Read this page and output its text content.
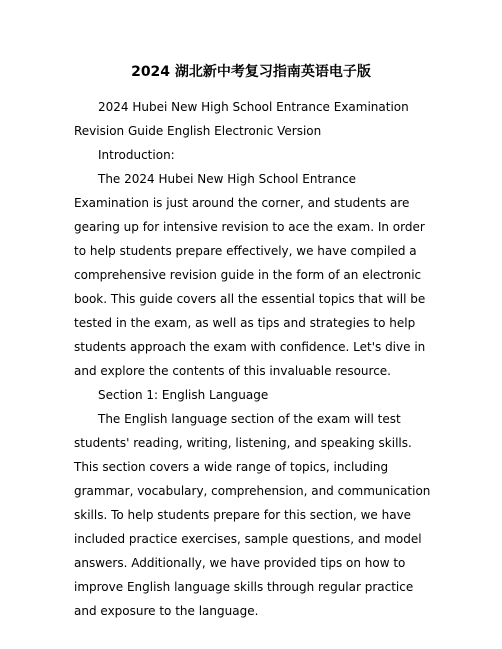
2024 湖北新中考复习指南英语电子版

2024 Hubei New High School Entrance Examination Revision Guide English Electronic Version

Introduction:

The 2024 Hubei New High School Entrance Examination is just around the corner, and students are gearing up for intensive revision to ace the exam. In order to help students prepare effectively, we have compiled a comprehensive revision guide in the form of an electronic book. This guide covers all the essential topics that will be tested in the exam, as well as tips and strategies to help students approach the exam with confidence. Let's dive in and explore the contents of this invaluable resource.

Section 1: English Language

The English language section of the exam will test students' reading, writing, listening, and speaking skills. This section covers a wide range of topics, including grammar, vocabulary, comprehension, and communication skills. To help students prepare for this section, we have included practice exercises, sample questions, and model answers. Additionally, we have provided tips on how to improve English language skills through regular practice and exposure to the language.
